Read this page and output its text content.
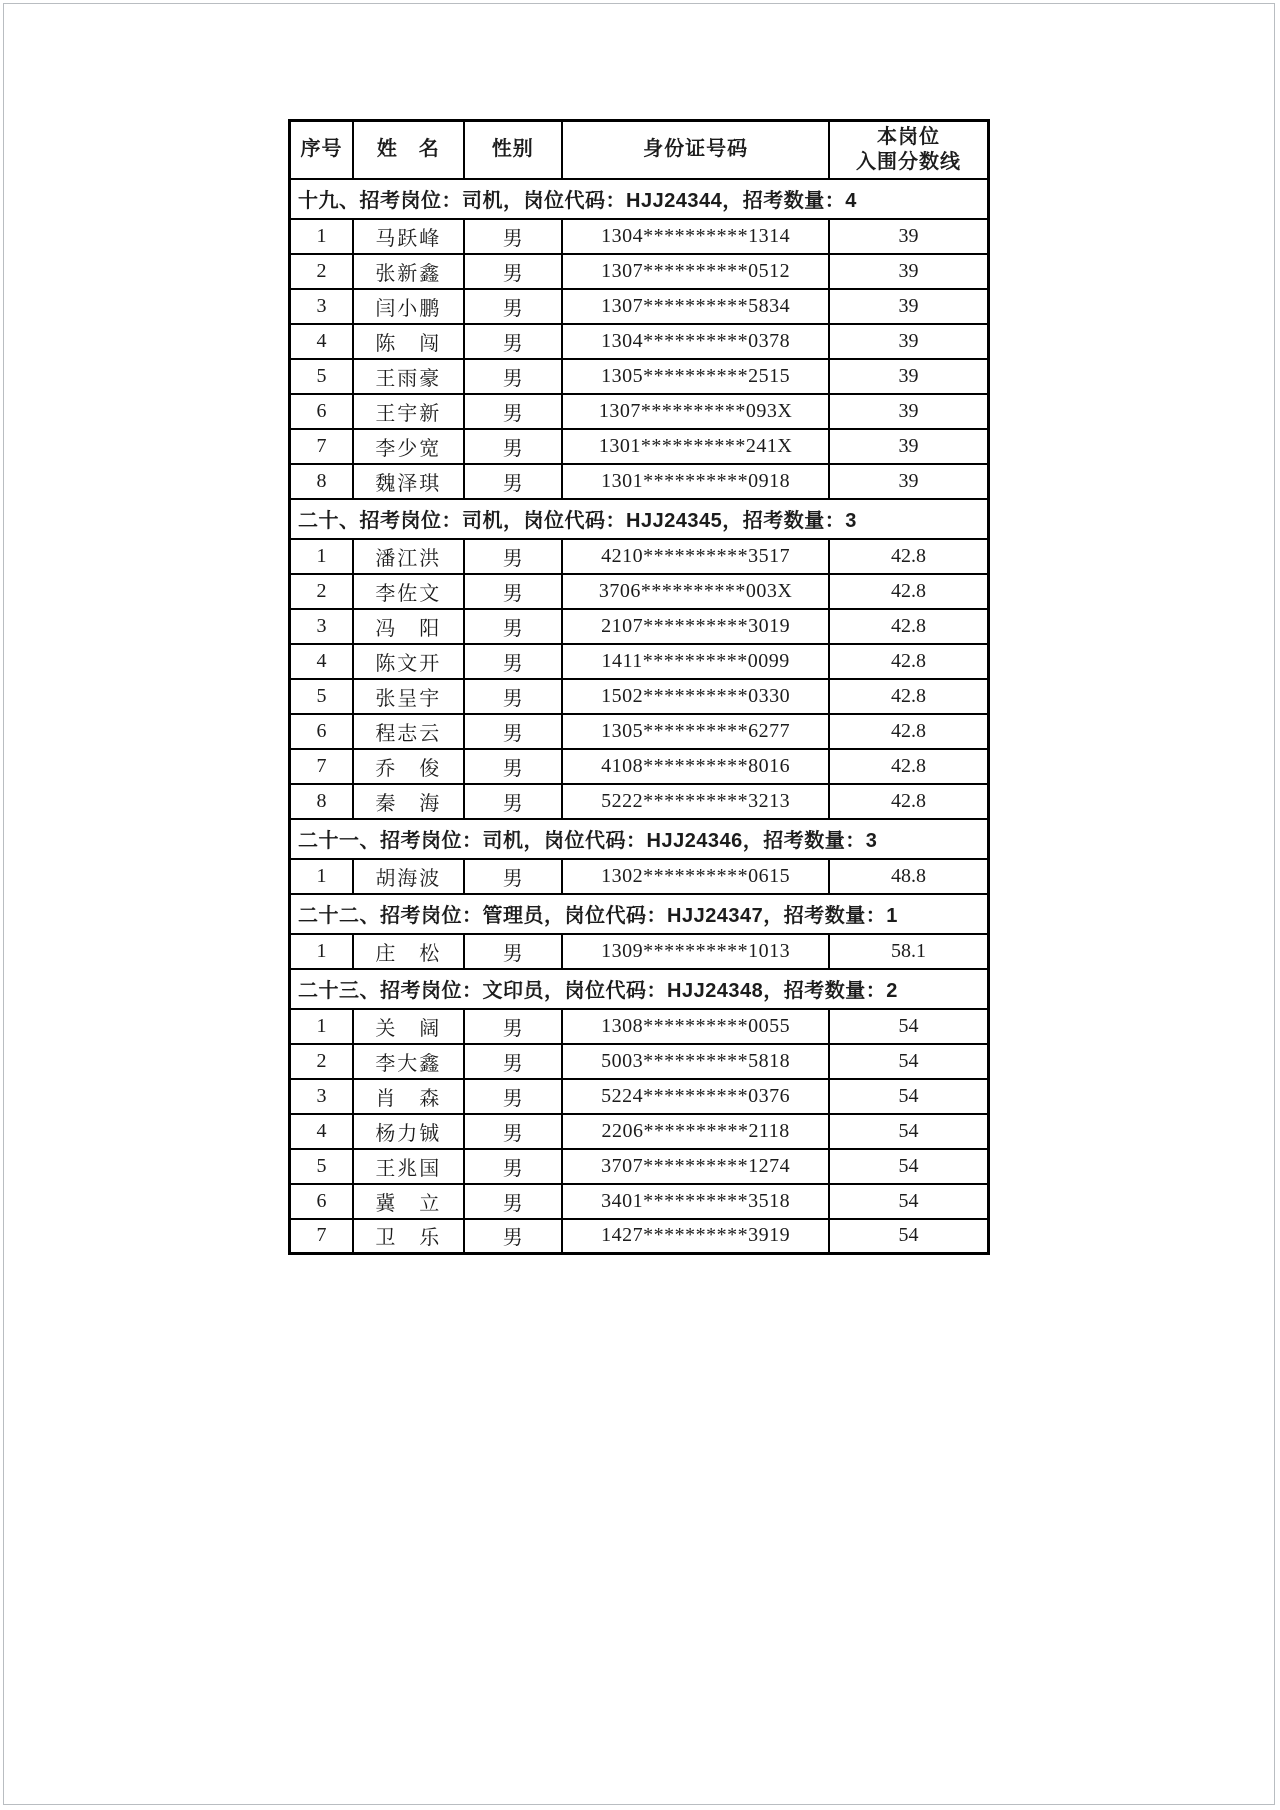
序号	姓　名	性别	身份证号码	本岗位
入围分数线

十九、招考岗位：司机，岗位代码：HJJ24344，招考数量：4				
1	马跃峰	男	1304**********1314	39
2	张新鑫	男	1307**********0512	39
3	闫小鹏	男	1307**********5834	39
4	陈　闯	男	1304**********0378	39
5	王雨豪	男	1305**********2515	39
6	王宇新	男	1307**********093X	39
7	李少宽	男	1301**********241X	39
8	魏泽琪	男	1301**********0918	39
二十、招考岗位：司机，岗位代码：HJJ24345，招考数量：3				
1	潘江洪	男	4210**********3517	42.8
2	李佐文	男	3706**********003X	42.8
3	冯　阳	男	2107**********3019	42.8
4	陈文开	男	1411**********0099	42.8
5	张呈宇	男	1502**********0330	42.8
6	程志云	男	1305**********6277	42.8
7	乔　俊	男	4108**********8016	42.8
8	秦　海	男	5222**********3213	42.8
二十一、招考岗位：司机，岗位代码：HJJ24346，招考数量：3				
1	胡海波	男	1302**********0615	48.8
二十二、招考岗位：管理员，岗位代码：HJJ24347，招考数量：1				
1	庄　松	男	1309**********1013	58.1
二十三、招考岗位：文印员，岗位代码：HJJ24348，招考数量：2				
1	关　阔	男	1308**********0055	54
2	李大鑫	男	5003**********5818	54
3	肖　森	男	5224**********0376	54
4	杨力铖	男	2206**********2118	54
5	王兆国	男	3707**********1274	54
6	冀　立	男	3401**********3518	54
7	卫　乐	男	1427**********3919	54
